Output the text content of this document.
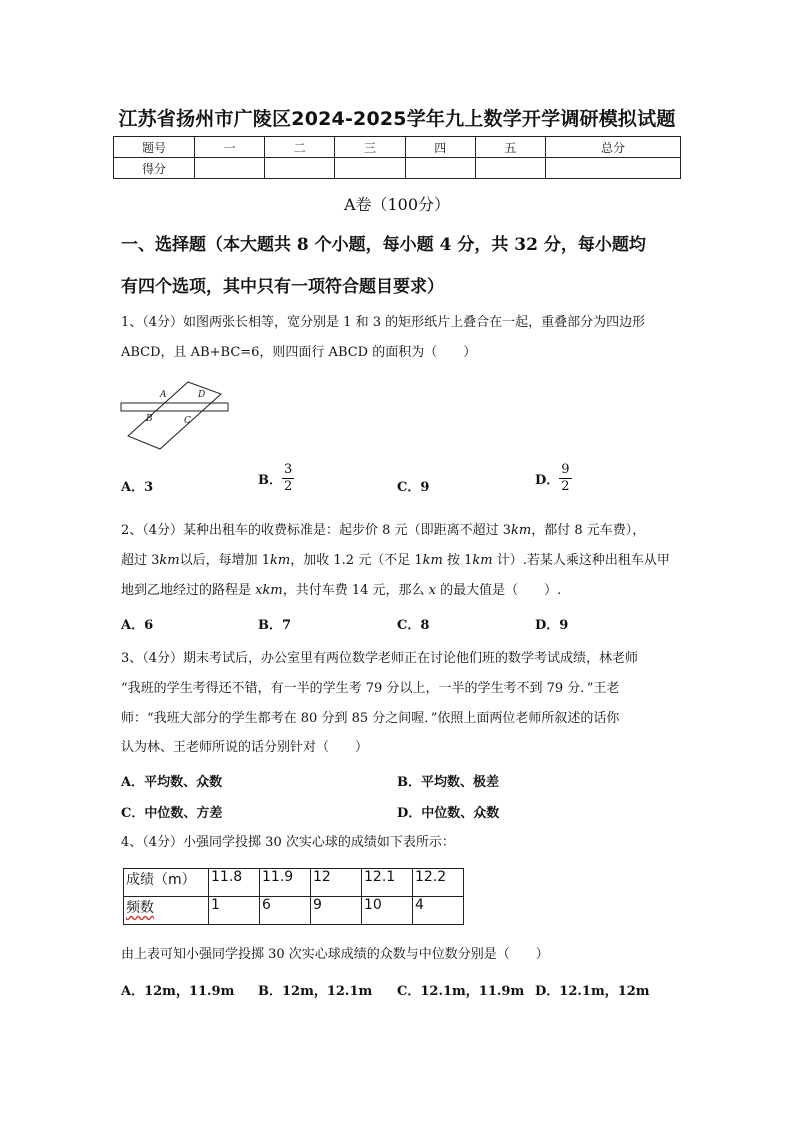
江苏省扬州市广陵区2024-2025学年九上数学开学调研模拟试题
题号	一	二	三	四	五	总分
得分						
A卷（100分）
一、选择题（本大题共 8 个小题，每小题 4 分，共 32 分，每小题均
有四个选项，其中只有一项符合题目要求）
1、（4分）如图两张长相等，宽分别是 1 和 3 的矩形纸片上叠合在一起，重叠部分为四边形
ABCD，且 AB+BC=6，则四面行 ABCD 的面积为（　　）
A	D
B	C
A．3	B． $\frac{3}{2}$	C．9	D． $\frac{9}{2}$
2、（4分）某种出租车的收费标准是：起步价 8 元（即距离不超过 3km，都付 8 元车费），
超过 3km以后，每增加 1km，加收 1.2 元（不足 1km 按 1km 计）.若某人乘这种出租车从甲
地到乙地经过的路程是 xkm，共付车费 14 元，那么 x 的最大值是（　　）.
A．6	B．7	C．8	D．9
3、（4分）期末考试后，办公室里有两位数学老师正在讨论他们班的数学考试成绩，林老师
“我班的学生考得还不错，有一半的学生考 79 分以上，一半的学生考不到 79 分．”王老
师：“我班大部分的学生都考在 80 分到 85 分之间喔．”依照上面两位老师所叙述的话你
认为林、王老师所说的话分别针对（　　）
A．平均数、众数	B．平均数、极差
C．中位数、方差	D．中位数、众数
4、（4分）小强同学投掷 30 次实心球的成绩如下表所示：
成绩（m）	11.8	11.9	12	12.1	12.2
频数	1	6	9	10	4
由上表可知小强同学投掷 30 次实心球成绩的众数与中位数分别是（　　）
A．12m，11.9m B．12m，12.1m C．12.1m，11.9m D．12.1m，12m
